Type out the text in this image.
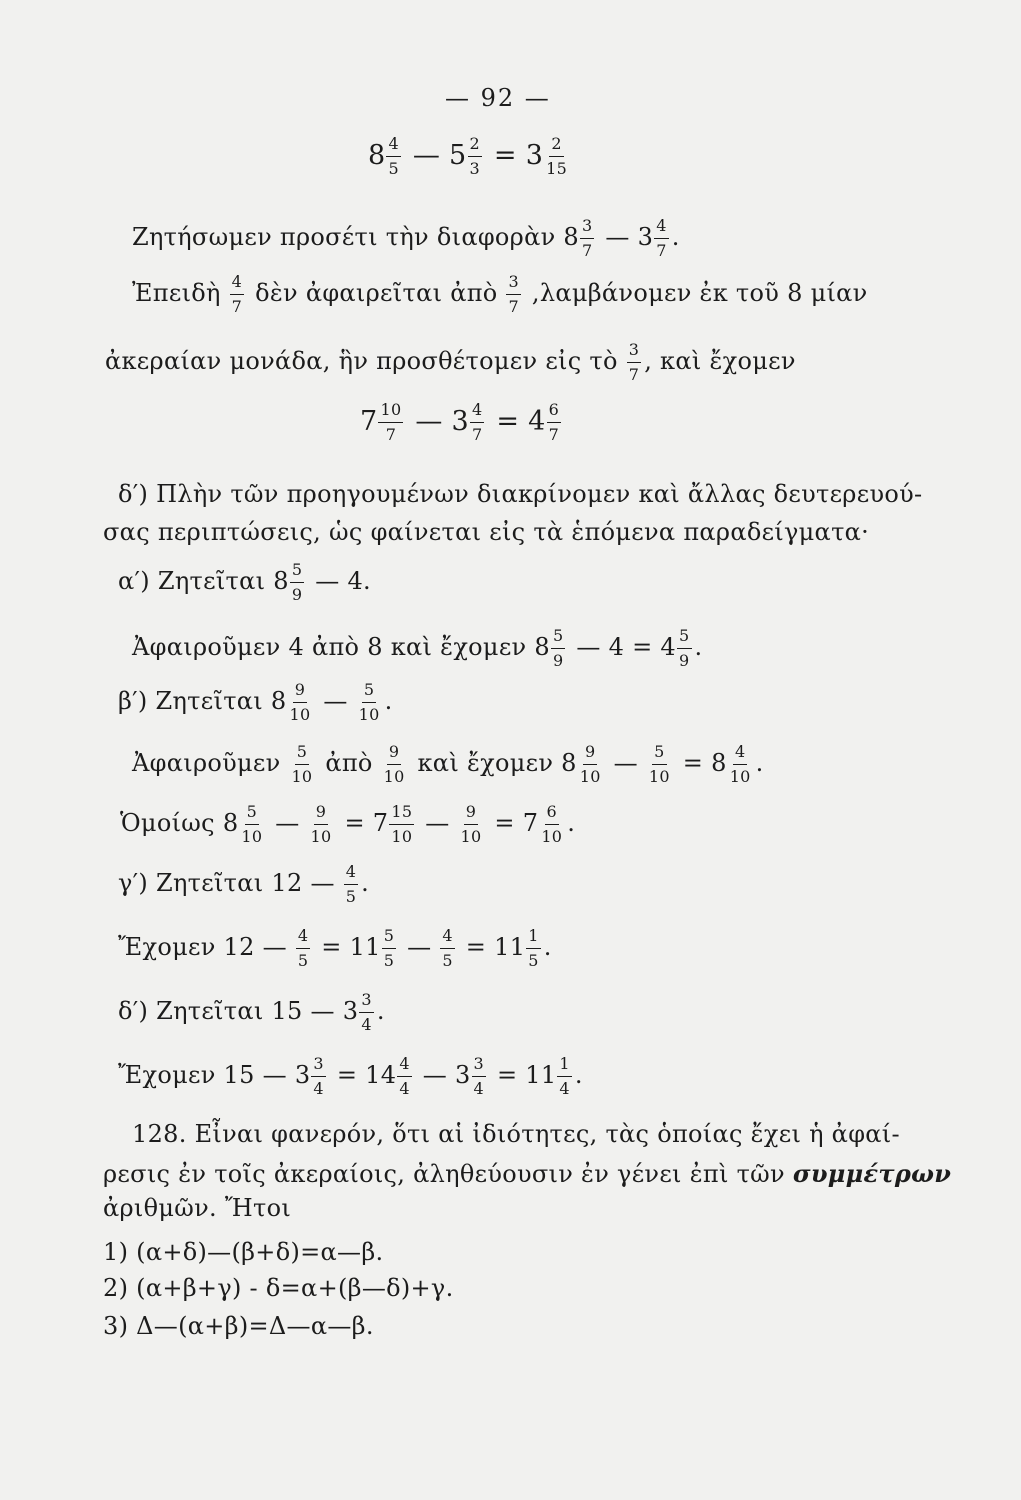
— 92 —
$8 \frac{4}{5}$ — $5 \frac{2}{3} = 3 \frac{2}{15}$
Ζητήσωμεν προσέτι τὴν διαφορὰν $8 \frac{3}{7}$ — $3 \frac{4}{7}$ .
Ἐπειδὴ $\frac{4}{7}$ δὲν ἀφαιρεῖται ἀπὸ $\frac{3}{7} ,\lambda\alpha\mu\beta ά\nu o\mu\varepsilon\nu$ ἐκ τοῦ 8 μίαν
ἀκεραίαν μονάδα, ἣν προσθέτομεν εἰς τὸ $\frac{3}{7}$ , καὶ ἔχομεν
$7 \frac{10}{7}$ — $3 \frac{4}{7} = 4 \frac{6}{7}$
δ′) Πλὴν τῶν προηγουμένων διακρίνομεν καὶ ἄλλας δευτερευού-
σας περιπτώσεις, ὡς φαίνεται εἰς τὰ ἑπόμενα παραδείγματα·
α′) Ζητεῖται $8 \frac{5}{9}$ — 4.
Ἀφαιροῦμεν 4 ἀπὸ 8 καὶ ἔχομεν $8 \frac{5}{9}$ — $4 = 4 \frac{5}{9}$ .
β′) Ζητεῖται $8 \frac{9}{10}$ — $\frac{5}{10}$ .
Ἀφαιροῦμεν $\frac{5}{10}$ ἀπὸ $\frac{9}{10}$ καὶ ἔχομεν $8 \frac{9}{10}$ — $\frac{5}{10} = 8 \frac{4}{10}$ .
Ὁμοίως $8 \frac{5}{10}$ — $\frac{9}{10} = 7 \frac{15}{10}$ — $\frac{9}{10} = 7 \frac{6}{10}$ .
γ′) Ζητεῖται 12 — $\frac{4}{5}$ .
Ἔχομεν 12 — $\frac{4}{5} = 11 \frac{5}{5}$ — $\frac{4}{5} = 11 \frac{1}{5}$ .
δ′) Ζητεῖται 15 — $3 \frac{3}{4}$ .
Ἔχομεν 15 — $3 \frac{3}{4} = 14 \frac{4}{4}$ — $3 \frac{3}{4} = 11 \frac{1}{4}$ .
128. Εἶναι φανερόν, ὅτι αἱ ἰδιότητες, τὰς ὁποίας ἔχει ἡ ἀφαί-
ρεσις ἐν τοῖς ἀκεραίοις, ἀληθεύουσιν ἐν γένει ἐπὶ τῶν συμμέτρων
ἀριθμῶν. Ἤτοι
1) (α+δ)—(β+δ)=α—β.
2) (α+β+γ) - δ=α+(β—δ)+γ.
3) Δ—(α+β)=Δ—α—β.
